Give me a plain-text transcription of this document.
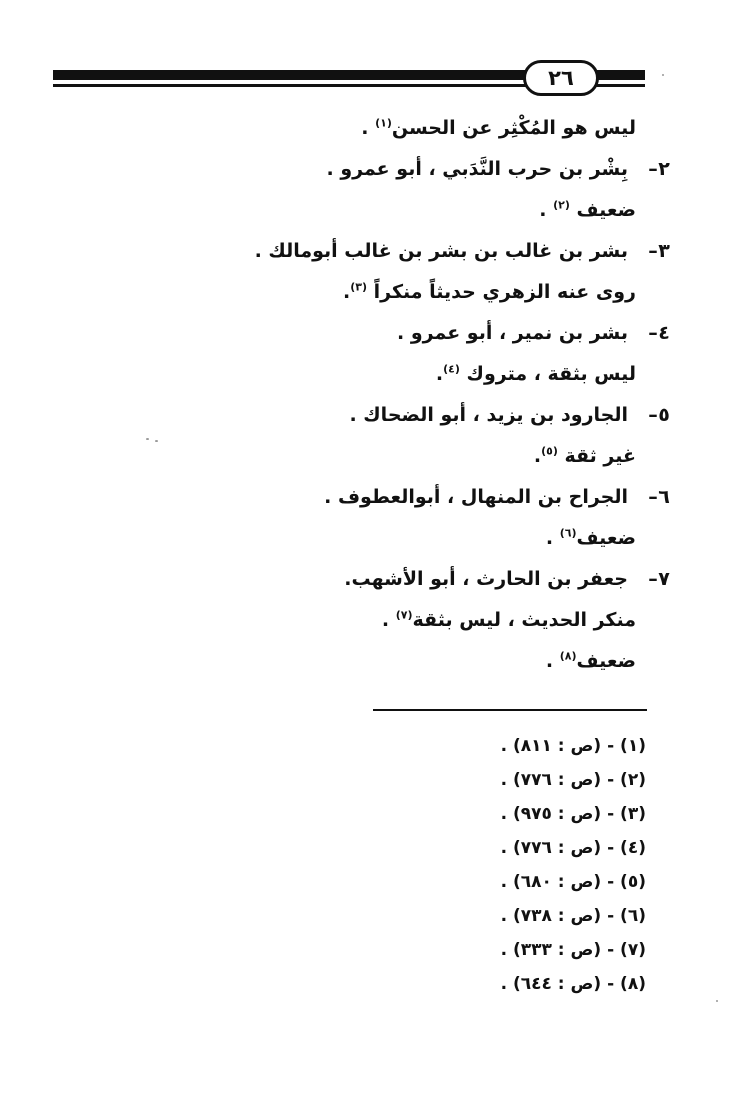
٢٦
ليس هو المُكْثِر عن الحسن$^{(١)}$ .
٢
–
بِشْر بن حرب النَّدَبي ، أبو عمرو .
ضعيف $^{(٢)}$ .
٣
–
بشر بن غالب بن بشر بن غالب أبومالك .
روى عنه الزهري حديثاً منكراً $^{(٣)}$.
٤
–
بشر بن نمير ، أبو عمرو .
ليس بثقة ، متروك $^{(٤)}$.
٥
–
الجارود بن يزيد ، أبو الضحاك .
غير ثقة $^{(٥)}$.
٦
–
الجراح بن المنهال ، أبوالعطوف .
ضعيف$^{(٦)}$ .
٧
–
جعفر بن الحارث ، أبو الأشهب.
منكر الحديث ، ليس بثقة$^{(٧)}$ .
ضعيف$^{(٨)}$ .
(١) - (ص : ٨١١) .
(٢) - (ص : ٧٧٦) .
(٣) - (ص : ٩٧٥) .
(٤) - (ص : ٧٧٦) .
(٥) - (ص : ٦٨٠) .
(٦) - (ص : ٧٣٨) .
(٧) - (ص : ٣٣٣) .
(٨) - (ص : ٦٤٤) .
